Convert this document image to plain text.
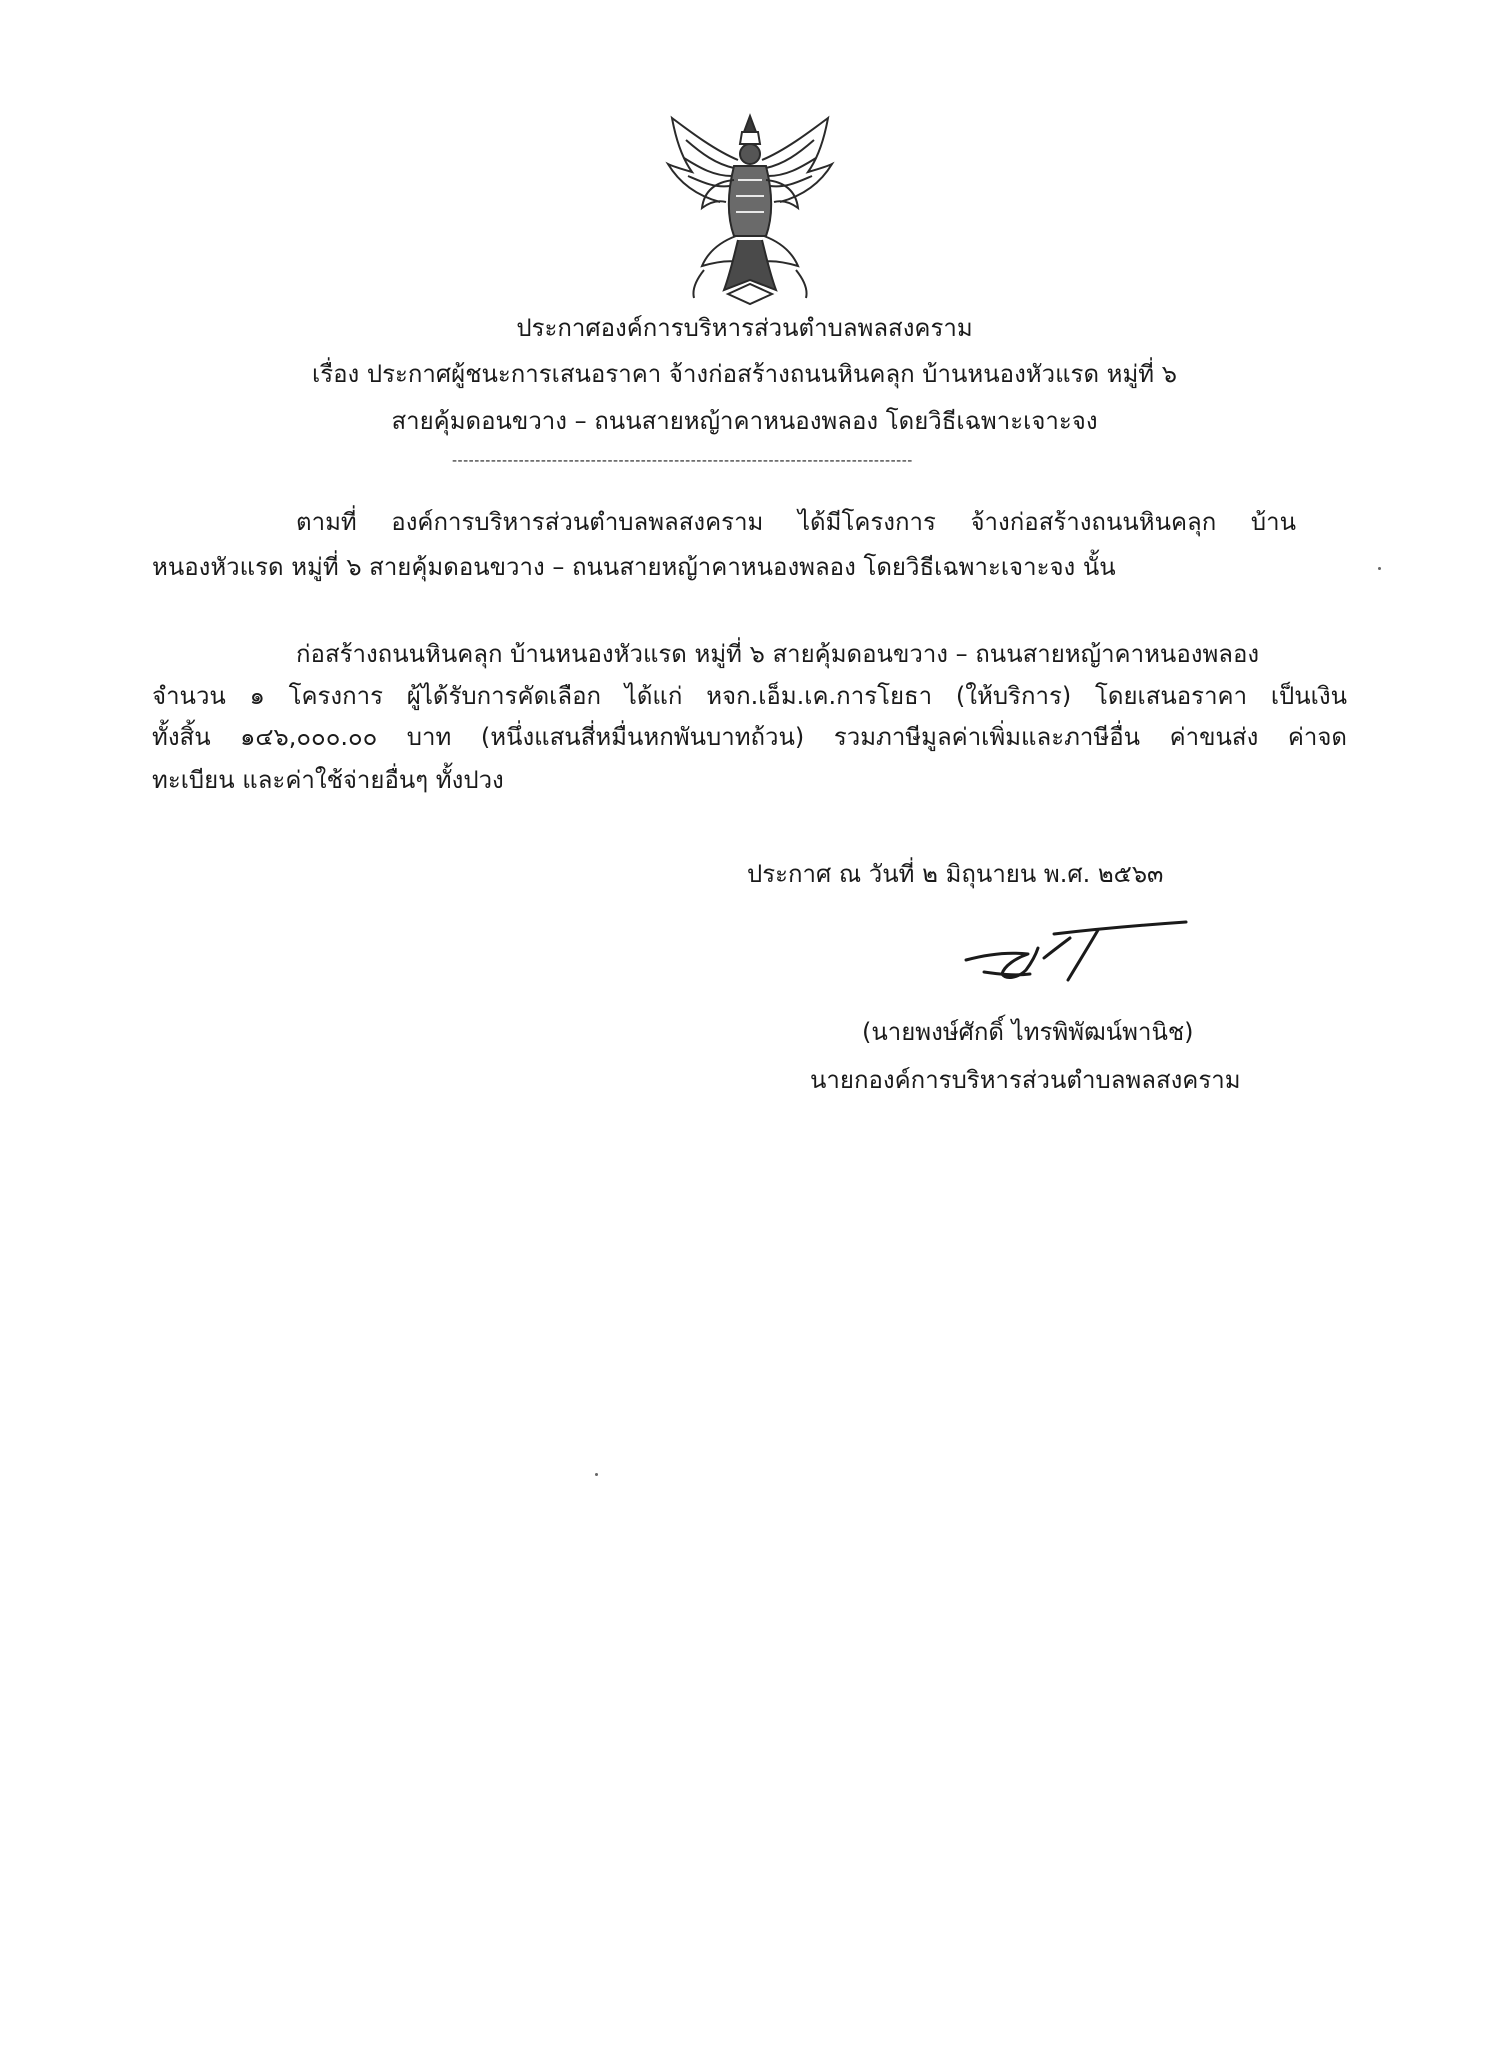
ประกาศองค์การบริหารส่วนตำบลพลสงคราม
เรื่อง ประกาศผู้ชนะการเสนอราคา จ้างก่อสร้างถนนหินคลุก บ้านหนองหัวแรด หมู่ที่ ๖
สายคุ้มดอนขวาง – ถนนสายหญ้าคาหนองพลอง โดยวิธีเฉพาะเจาะจง
-----------------------------------------------------------------------------------
ตามที่ องค์การบริหารส่วนตำบลพลสงคราม ได้มีโครงการ จ้างก่อสร้างถนนหินคลุก บ้าน
หนองหัวแรด หมู่ที่ ๖ สายคุ้มดอนขวาง – ถนนสายหญ้าคาหนองพลอง โดยวิธีเฉพาะเจาะจง นั้น
ก่อสร้างถนนหินคลุก บ้านหนองหัวแรด หมู่ที่ ๖ สายคุ้มดอนขวาง – ถนนสายหญ้าคาหนองพลอง
จำนวน ๑ โครงการ ผู้ได้รับการคัดเลือก ได้แก่ หจก.เอ็ม.เค.การโยธา (ให้บริการ) โดยเสนอราคา เป็นเงิน
ทั้งสิ้น ๑๔๖,๐๐๐.๐๐ บาท (หนึ่งแสนสี่หมื่นหกพันบาทถ้วน) รวมภาษีมูลค่าเพิ่มและภาษีอื่น ค่าขนส่ง ค่าจด
ทะเบียน และค่าใช้จ่ายอื่นๆ ทั้งปวง
ประกาศ ณ วันที่ ๒ มิถุนายน พ.ศ. ๒๕๖๓
(นายพงษ์ศักดิ์ ไทรพิพัฒน์พานิช)
นายกองค์การบริหารส่วนตำบลพลสงคราม
